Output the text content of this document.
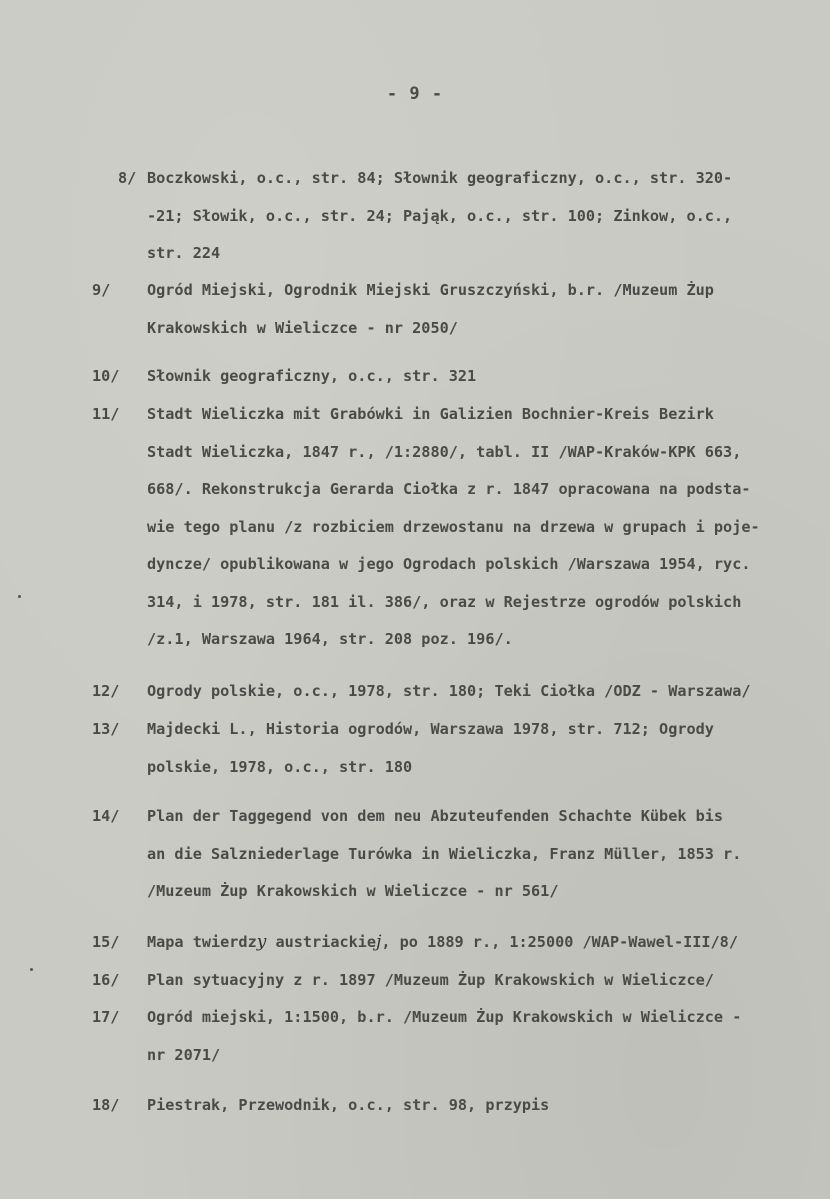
- 9 -
8/ Boczkowski, o.c., str. 84; Słownik geograficzny, o.c., str. 320-
-21; Słowik, o.c., str. 24; Pająk, o.c., str. 100; Zinkow, o.c.,
str. 224
9/	Ogród Miejski, Ogrodnik Miejski Gruszczyński, b.r. /Muzeum Żup
Krakowskich w Wieliczce - nr 2050/
10/	Słownik geograficzny, o.c., str. 321
11/	Stadt Wieliczka mit Grabówki in Galizien Bochnier-Kreis Bezirk
Stadt Wieliczka, 1847 r., /1:2880/, tabl. II /WAP-Kraków-KPK 663,
668/. Rekonstrukcja Gerarda Ciołka z r. 1847 opracowana na podsta-
wie tego planu /z rozbiciem drzewostanu na drzewa w grupach i poje-
dyncze/ opublikowana w jego Ogrodach polskich /Warszawa 1954, ryc.
314, i 1978, str. 181 il. 386/, oraz w Rejestrze ogrodów polskich
/z.1, Warszawa 1964, str. 208 poz. 196/.
12/	Ogrody polskie, o.c., 1978, str. 180; Teki Ciołka /ODZ - Warszawa/
13/	Majdecki L., Historia ogrodów, Warszawa 1978, str. 712; Ogrody
polskie, 1978, o.c., str. 180
14/	Plan der Taggegend von dem neu Abzuteufenden Schachte Kübek bis
an die Salzniederlage Turówka in Wieliczka, Franz Müller, 1853 r.
/Muzeum Żup Krakowskich w Wieliczce - nr 561/
15/	Mapa twierdzy austriackiej, po 1889 r., 1:25000 /WAP-Wawel-III/8/
16/	Plan sytuacyjny z r. 1897 /Muzeum Żup Krakowskich w Wieliczce/
17/	Ogród miejski, 1:1500, b.r. /Muzeum Żup Krakowskich w Wieliczce -
nr 2071/
18/	Piestrak, Przewodnik, o.c., str. 98, przypis
